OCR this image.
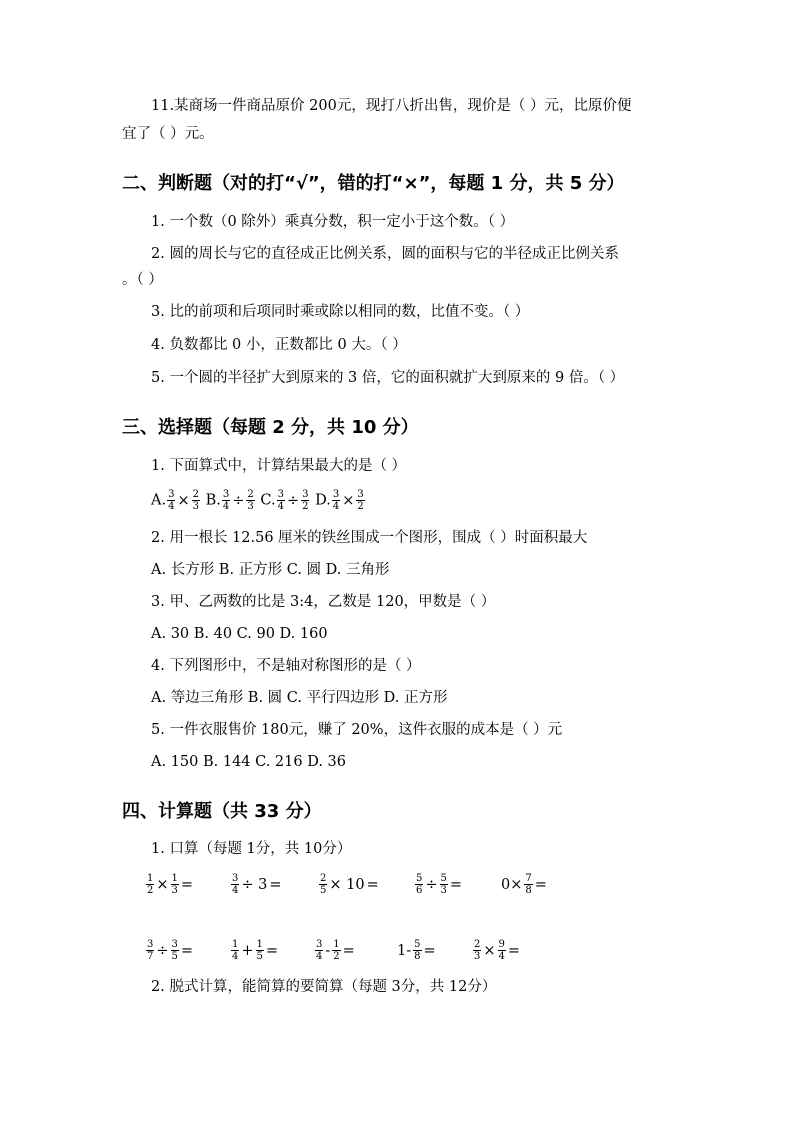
11.某商场一件商品原价 200元，现打八折出售，现价是（ ）元，比原价便
宜了（ ）元。
二、判断题（对的打“√”，错的打“×”，每题 1 分，共 5 分）
1. 一个数（0 除外）乘真分数，积一定小于这个数。（ ）
2. 圆的周长与它的直径成正比例关系，圆的面积与它的半径成正比例关系
。（ ）
3. 比的前项和后项同时乘或除以相同的数，比值不变。（ ）
4. 负数都比 0 小，正数都比 0 大。（ ）
5. 一个圆的半径扩大到原来的 3 倍，它的面积就扩大到原来的 9 倍。（ ）
三、选择题（每题 2 分，共 10 分）
1. 下面算式中，计算结果最大的是（ ）
A. $\frac{3}{4} \times \frac{2}{3} B$. $\frac{3}{4} \div \frac{2}{3} C$. $\frac{3}{4} \div \frac{3}{2} D$. $\frac{3}{4} \times \frac{3}{2}$
2. 用一根长 12.56 厘米的铁丝围成一个图形，围成（ ）时面积最大
A. 长方形 B. 正方形 C. 圆 D. 三角形
3. 甲、乙两数的比是 3:4，乙数是 120，甲数是（ ）
A. 30 B. 40 C. 90 D. 160
4. 下列图形中，不是轴对称图形的是（ ）
A. 等边三角形 B. 圆 C. 平行四边形 D. 正方形
5. 一件衣服售价 180元，赚了 20%，这件衣服的成本是（ ）元
A. 150 B. 144 C. 216 D. 36
四、计算题（共 33 分）
1. 口算（每题 1分，共 10分）
$\frac{1}{2} \times \frac{1}{3}$ =	$\frac{3}{4} \div 3$ =	$\frac{2}{5} \times 10$ =	$\frac{5}{6} \div \frac{5}{3}$ =	$0\times \frac{7}{8}$ =
$\frac{3}{7} \div \frac{3}{5}$ =	$\frac{1}{4} + \frac{1}{5}$ =	$\frac{3}{4} - \frac{1}{2}$ =	$1- \frac{5}{8}$ =	$\frac{2}{3} \times \frac{9}{4}$ =
2. 脱式计算，能简算的要简算（每题 3分，共 12分）
